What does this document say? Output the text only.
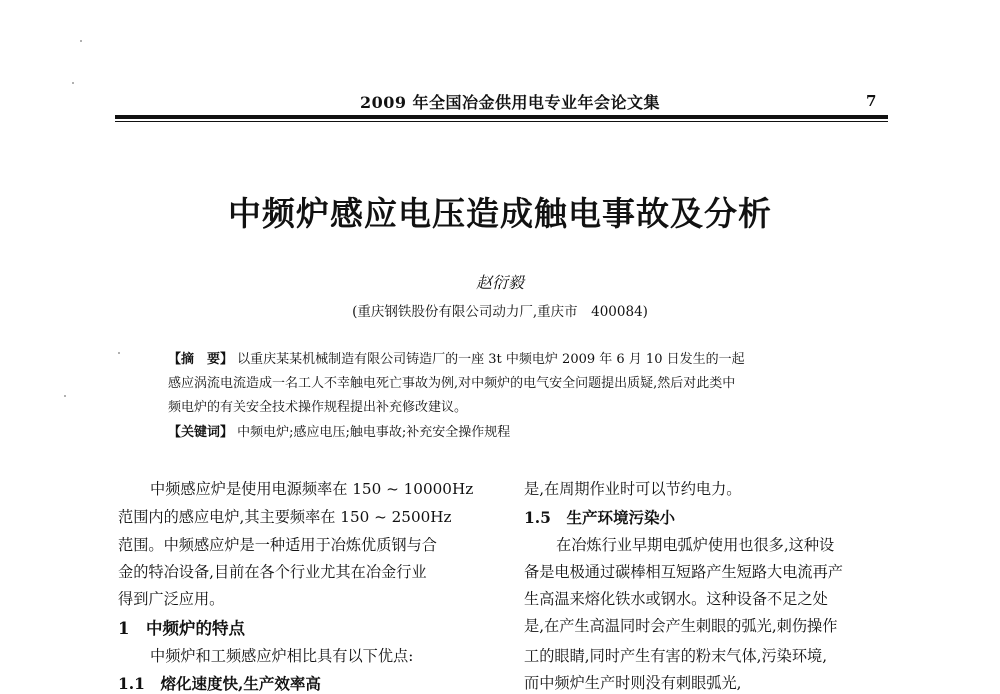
2009 年全国冶金供用电专业年会论文集	7
中频炉感应电压造成触电事故及分析
赵衍毅
(重庆钢铁股份有限公司动力厂,重庆市　400084)
【摘　要】 以重庆某某机械制造有限公司铸造厂的一座 3t 中频电炉 2009 年 6 月 10 日发生的一起
感应涡流电流造成一名工人不幸触电死亡事故为例,对中频炉的电气安全问题提出质疑,然后对此类中
频电炉的有关安全技术操作规程提出补充修改建议。
【关键词】 中频电炉;感应电压;触电事故;补充安全操作规程
中频感应炉是使用电源频率在 150 ~ 10000Hz
范围内的感应电炉,其主要频率在 150 ~ 2500Hz
范围。中频感应炉是一种适用于冶炼优质钢与合
金的特冶设备,目前在各个行业尤其在冶金行业
得到广泛应用。
1　中频炉的特点
中频炉和工频感应炉相比具有以下优点:
1.1　熔化速度快,生产效率高
是,在周期作业时可以节约电力。
1.5　生产环境污染小
在冶炼行业早期电弧炉使用也很多,这种设
备是电极通过碳棒相互短路产生短路大电流再产
生高温来熔化铁水或钢水。这种设备不足之处
是,在产生高温同时会产生刺眼的弧光,刺伤操作
工的眼睛,同时产生有害的粉末气体,污染环境,
而中频炉生产时则没有刺眼弧光,
